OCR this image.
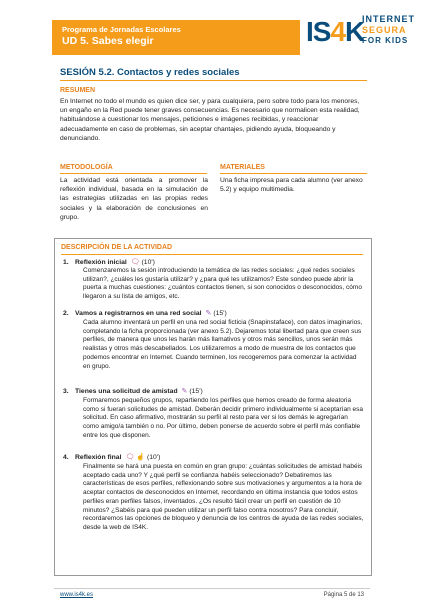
Programa de Jornadas Escolares
UD 5. Sabes elegir	IS4K
INTERNET
SEGURA
FOR KIDS
SESIÓN 5.2. Contactos y redes sociales
RESUMEN
En Internet no todo el mundo es quien dice ser, y para cualquiera, pero sobre todo para los menores, un engaño en la Red puede tener graves consecuencias. Es necesario que normalicen esta realidad, habituándose a cuestionar los mensajes, peticiones e imágenes recibidas, y reaccionar adecuadamente en caso de problemas, sin aceptar chantajes, pidiendo ayuda, bloqueando y denunciando.
METODOLOGÍA
La actividad está orientada a promover la reflexión individual, basada en la simulación de las estrategias utilizadas en las propias redes sociales y la elaboración de conclusiones en grupo.
MATERIALES
Una ficha impresa para cada alumno (ver anexo 5.2) y equipo multimedia.
DESCRIPCIÓN DE LA ACTIVIDAD
1. Reflexión inicial 🗨 (10')
Comenzaremos la sesión introduciendo la temática de las redes sociales: ¿qué redes sociales utilizan?, ¿cuáles les gustaría utilizar? y ¿para qué les utilizamos? Este sondeo puede abrir la puerta a muchas cuestiones: ¿cuántos contactos tienen, si son conocidos o desconocidos, cómo llegaron a su lista de amigos, etc.
2. Vamos a registrarnos en una red social ✎ (15')
Cada alumno inventará un perfil en una red social ficticia (Snapinstaface), con datos imaginarios, completando la ficha proporcionada (ver anexo 5.2). Dejaremos total libertad para que creen sus perfiles, de manera que unos les harán más llamativos y otros más sencillos, unos serán más realistas y otros más descabellados. Los utilizaremos a modo de muestra de los contactos que podemos encontrar en Internet. Cuando terminen, los recogeremos para comenzar la actividad en grupo.
3. Tienes una solicitud de amistad ✎ (15')
Formaremos pequeños grupos, repartiendo los perfiles que hemos creado de forma aleatoria como si fueran solicitudes de amistad. Deberán decidir primero individualmente si aceptarían esa solicitud. En caso afirmativo, mostrarán su perfil al resto para ver si los demás le agregarían como amigo/a también o no. Por último, deben ponerse de acuerdo sobre el perfil más confiable entre los que disponen.
4. Reflexión final 🗨 ☝ (10')
Finalmente se hará una puesta en común en gran grupo: ¿cuántas solicitudes de amistad habéis aceptado cada uno? Y ¿qué perfil se confianza habéis seleccionado? Debatiremos las características de esos perfiles, reflexionando sobre sus motivaciones y argumentos a la hora de aceptar contactos de desconocidos en Internet, recordando en última instancia que todos estos perfiles eran perfiles falsos, inventados. ¿Os resultó fácil crear un perfil en cuestión de 10 minutos? ¿Sabéis para qué pueden utilizar un perfil falso contra nosotros? Para concluir, recordaremos las opciones de bloqueo y denuncia de los centros de ayuda de las redes sociales, desde la web de IS4K.
www.is4k.es	Página 5 de 13
